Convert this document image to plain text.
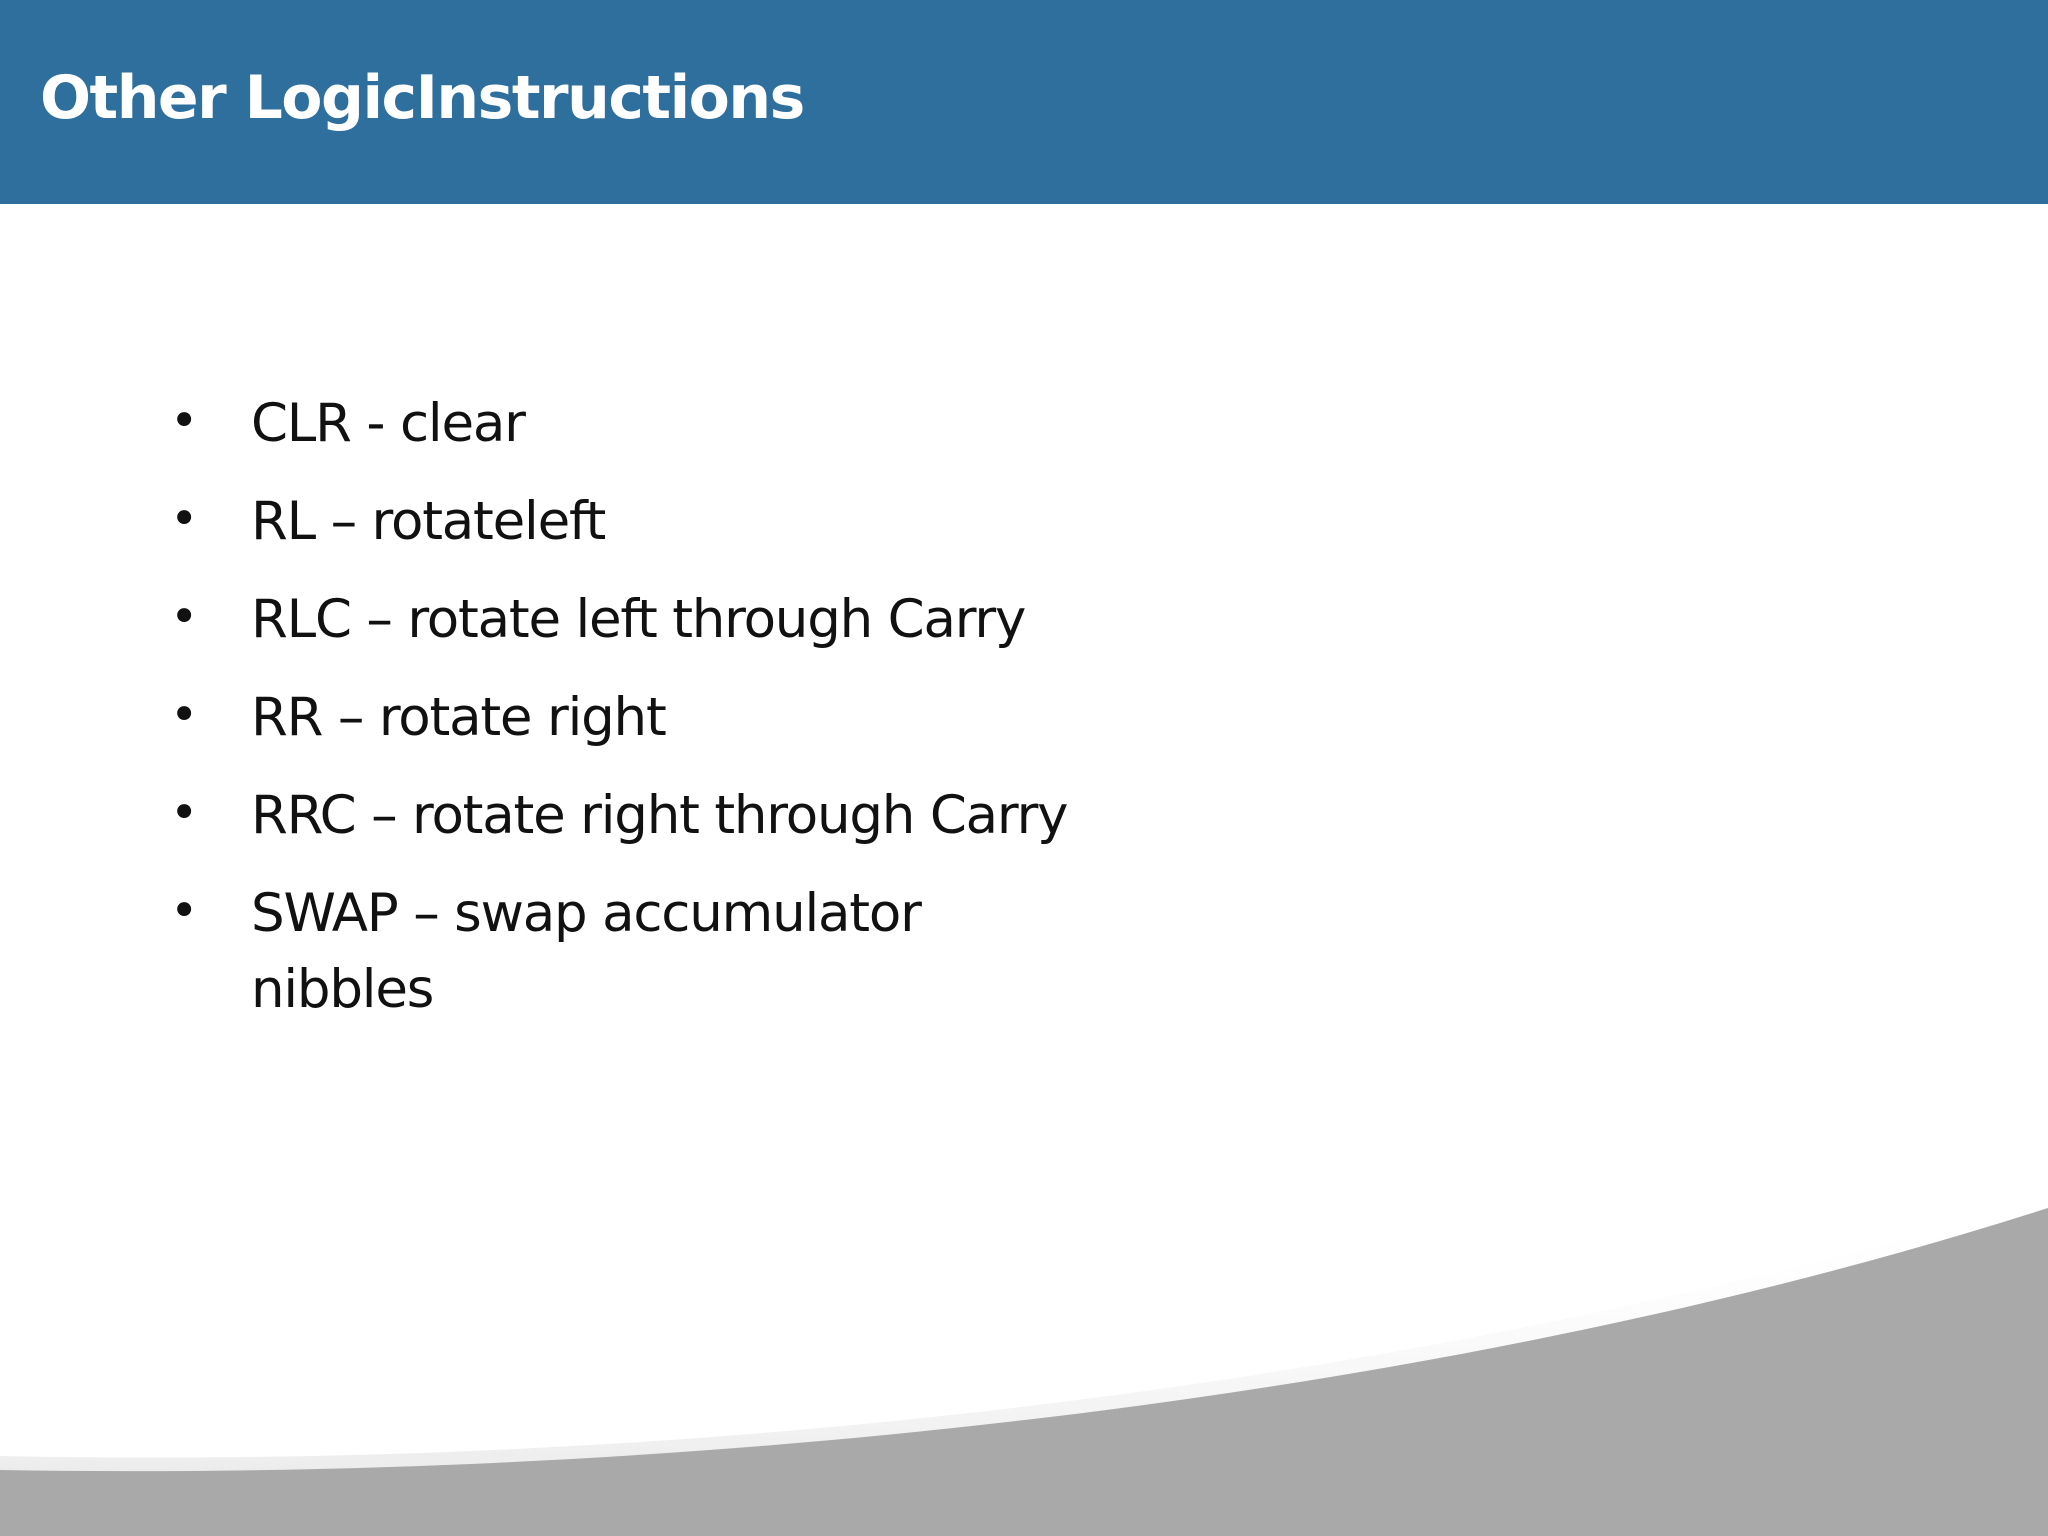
Other LogicInstructions
•	CLR - clear
•	RL – rotateleft
•	RLC – rotate left through Carry
•	RR – rotate right
•	RRC – rotate right through Carry
•	SWAP – swap accumulator nibbles
